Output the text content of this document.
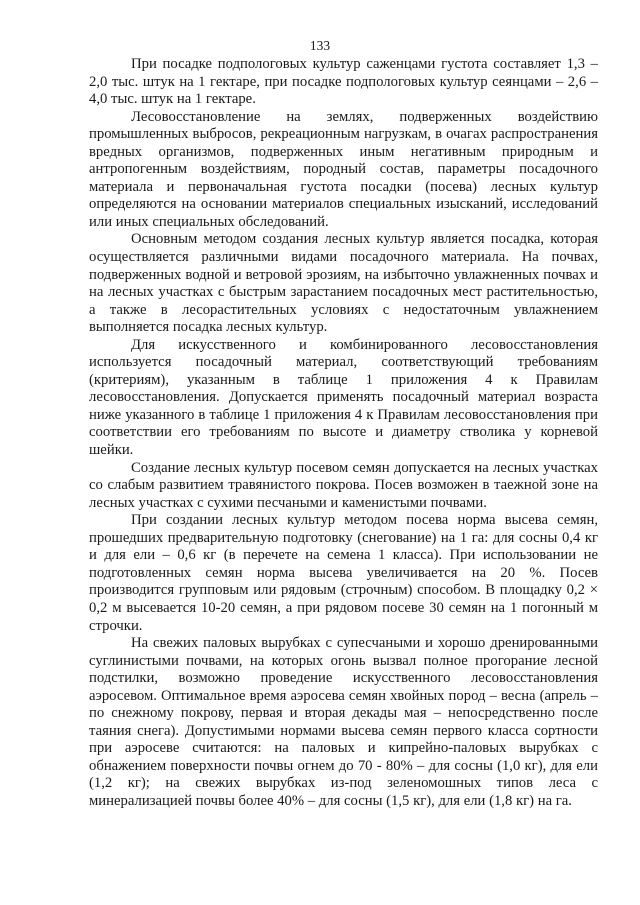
133

При посадке подпологовых культур саженцами густота составляет 1,3 – 2,0 тыс. штук на 1 гектаре, при посадке подпологовых культур сеянцами – 2,6 – 4,0 тыс. штук на 1 гектаре.

Лесовосстановление на землях, подверженных воздействию промышленных выбросов, рекреационным нагрузкам, в очагах распространения вредных организмов, подверженных иным негативным природным и антропогенным воздействиям, породный состав, параметры посадочного материала и первоначальная густота посадки (посева) лесных культур определяются на основании материалов специальных изысканий, исследований или иных специальных обследований.

Основным методом создания лесных культур является посадка, которая осуществляется различными видами посадочного материала. На почвах, подверженных водной и ветровой эрозиям, на избыточно увлажненных почвах и на лесных участках с быстрым зарастанием посадочных мест растительностью, а также в лесорастительных условиях с недостаточным увлажнением выполняется посадка лесных культур.

Для искусственного и комбинированного лесовосстановления используется посадочный материал, соответствующий требованиям (критериям), указанным в таблице 1 приложения 4 к Правилам лесовосстановления. Допускается применять посадочный материал возраста ниже указанного в таблице 1 приложения 4 к Правилам лесовосстановления при соответствии его требованиям по высоте и диаметру стволика у корневой шейки.

Создание лесных культур посевом семян допускается на лесных участках со слабым развитием травянистого покрова. Посев возможен в таежной зоне на лесных участках с сухими песчаными и каменистыми почвами.

При создании лесных культур методом посева норма высева семян, прошедших предварительную подготовку (снегование) на 1 га: для сосны 0,4 кг и для ели – 0,6 кг (в перечете на семена 1 класса). При использовании не подготовленных семян норма высева увеличивается на 20 %. Посев производится групповым или рядовым (строчным) способом. В площадку 0,2 × 0,2 м высевается 10-20 семян, а при рядовом посеве 30 семян на 1 погонный м строчки.

На свежих паловых вырубках с супесчаными и хорошо дренированными суглинистыми почвами, на которых огонь вызвал полное прогорание лесной подстилки, возможно проведение искусственного лесовосстановления аэросевом. Оптимальное время аэросева семян хвойных пород – весна (апрель – по снежному покрову, первая и вторая декады мая – непосредственно после таяния снега). Допустимыми нормами высева семян первого класса сортности при аэросеве считаются: на паловых и кипрейно-паловых вырубках с обнажением поверхности почвы огнем до 70 - 80% – для сосны (1,0 кг), для ели (1,2 кг); на свежих вырубках из-под зеленомошных типов леса с минерализацией почвы более 40% – для сосны (1,5 кг), для ели (1,8 кг) на га.
